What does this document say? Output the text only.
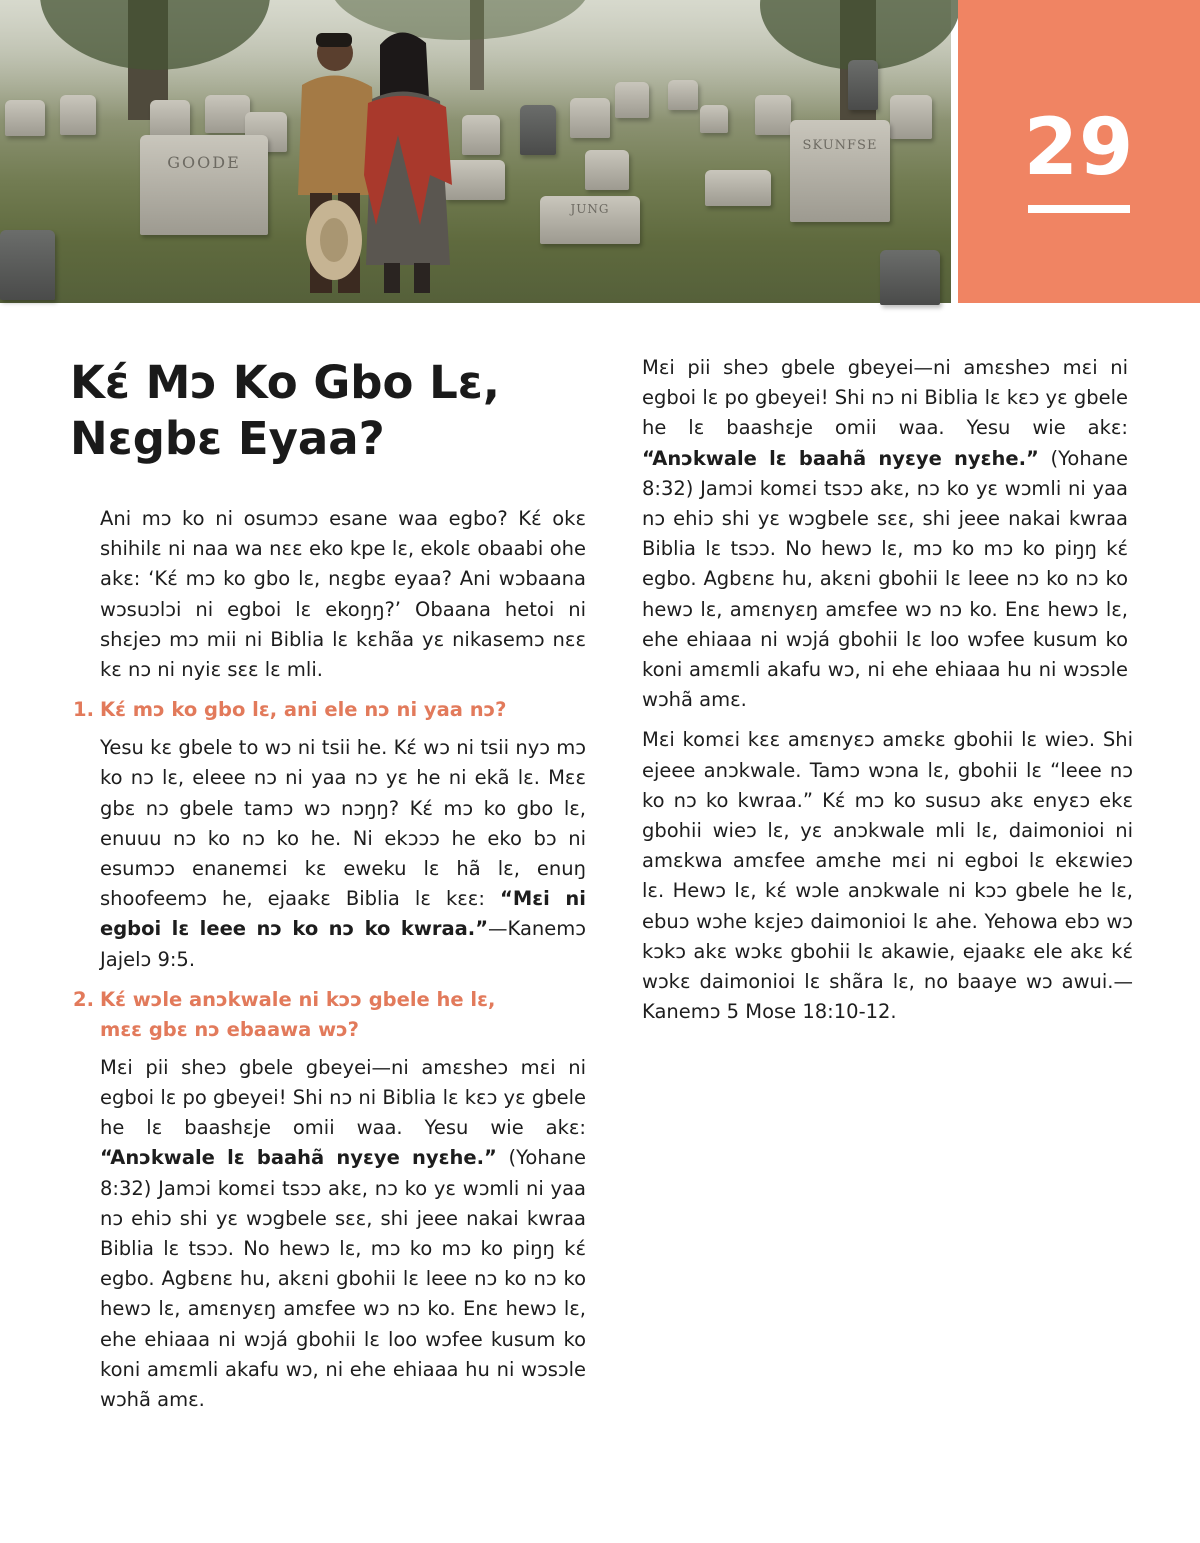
GOODE
SKUNFSE
JUNG
29
Kɛ́ Mɔ Ko Gbo Lɛ,
Nɛgbɛ Eyaa?

Ani mɔ ko ni osumɔɔ esane waa egbo? Kɛ́ okɛ shihilɛ ni naa wa nɛɛ eko kpe lɛ, ekolɛ obaabi ohe akɛ: ‘Kɛ́ mɔ ko gbo lɛ, nɛgbɛ eyaa? Ani wɔbaana wɔsuɔlɔi ni egboi lɛ ekoŋŋ?’ Obaana hetoi ni shɛjeɔ mɔ mii ni Biblia lɛ kɛhãa yɛ nikasemɔ nɛɛ kɛ nɔ ni nyiɛ sɛɛ lɛ mli.

1. Kɛ́ mɔ ko gbo lɛ, ani ele nɔ ni yaa nɔ?

Yesu kɛ gbele to wɔ ni tsii he. Kɛ́ wɔ ni tsii nyɔ mɔ ko nɔ lɛ, eleee nɔ ni yaa nɔ yɛ he ni ekã lɛ. Mɛɛ gbɛ nɔ gbele tamɔ wɔ nɔŋŋ? Kɛ́ mɔ ko gbo lɛ, enuuu nɔ ko nɔ ko he. Ni ekɔɔɔ he eko bɔ ni esumɔɔ enanemɛi kɛ eweku lɛ hã lɛ, enuŋ shoofeemɔ he, ejaakɛ Biblia lɛ kɛɛ: “Mɛi ni egboi lɛ leee nɔ ko nɔ ko kwraa.”—Kanemɔ Jajelɔ 9:5.

2. Kɛ́ wɔle anɔkwale ni kɔɔ gbele he lɛ,
mɛɛ gbɛ nɔ ebaawa wɔ?

Mɛi pii sheɔ gbele gbeyei—ni amɛsheɔ mɛi ni egboi lɛ po gbeyei! Shi nɔ ni Biblia lɛ kɛɔ yɛ gbele he lɛ baashɛje omii waa. Yesu wie akɛ: “Anɔkwale lɛ baahã nyɛye nyɛhe.” (Yohane 8:32) Jamɔi komɛi tsɔɔ akɛ, nɔ ko yɛ wɔmli ni yaa nɔ ehiɔ shi yɛ wɔgbele sɛɛ, shi jeee nakai kwraa Biblia lɛ tsɔɔ. No hewɔ lɛ, mɔ ko mɔ ko piŋŋ kɛ́ egbo. Agbɛnɛ hu, akɛni gbohii lɛ leee nɔ ko nɔ ko hewɔ lɛ, amɛnyɛŋ amɛfee wɔ nɔ ko. Enɛ hewɔ lɛ, ehe ehiaaa ni wɔjá gbohii lɛ loo wɔfee kusum ko koni amɛmli akafu wɔ, ni ehe ehiaaa hu ni wɔsɔle wɔhã amɛ.

Mɛi pii sheɔ gbele gbeyei—ni amɛsheɔ mɛi ni egboi lɛ po gbeyei! Shi nɔ ni Biblia lɛ kɛɔ yɛ gbele he lɛ baashɛje omii waa. Yesu wie akɛ: “Anɔkwale lɛ baahã nyɛye nyɛhe.” (Yohane 8:32) Jamɔi komɛi tsɔɔ akɛ, nɔ ko yɛ wɔmli ni yaa nɔ ehiɔ shi yɛ wɔgbele sɛɛ, shi jeee nakai kwraa Biblia lɛ tsɔɔ. No hewɔ lɛ, mɔ ko mɔ ko piŋŋ kɛ́ egbo. Agbɛnɛ hu, akɛni gbohii lɛ leee nɔ ko nɔ ko hewɔ lɛ, amɛnyɛŋ amɛfee wɔ nɔ ko. Enɛ hewɔ lɛ, ehe ehiaaa ni wɔjá gbohii lɛ loo wɔfee kusum ko koni amɛmli akafu wɔ, ni ehe ehiaaa hu ni wɔsɔle wɔhã amɛ.

Mɛi komɛi kɛɛ amɛnyɛɔ amɛkɛ gbohii lɛ wieɔ. Shi ejeee anɔkwale. Tamɔ wɔna lɛ, gbohii lɛ “leee nɔ ko nɔ ko kwraa.” Kɛ́ mɔ ko susuɔ akɛ enyɛɔ ekɛ gbohii wieɔ lɛ, yɛ anɔkwale mli lɛ, daimonioi ni amɛkwa amɛfee amɛhe mɛi ni egboi lɛ ekɛwieɔ lɛ. Hewɔ lɛ, kɛ́ wɔle anɔkwale ni kɔɔ gbele he lɛ, ebuɔ wɔhe kɛjeɔ daimonioi lɛ ahe. Yehowa ebɔ wɔ kɔkɔ akɛ wɔkɛ gbohii lɛ akawie, ejaakɛ ele akɛ kɛ́ wɔkɛ daimonioi lɛ shãra lɛ, no baaye wɔ awui.—Kanemɔ 5 Mose 18:10-12.
